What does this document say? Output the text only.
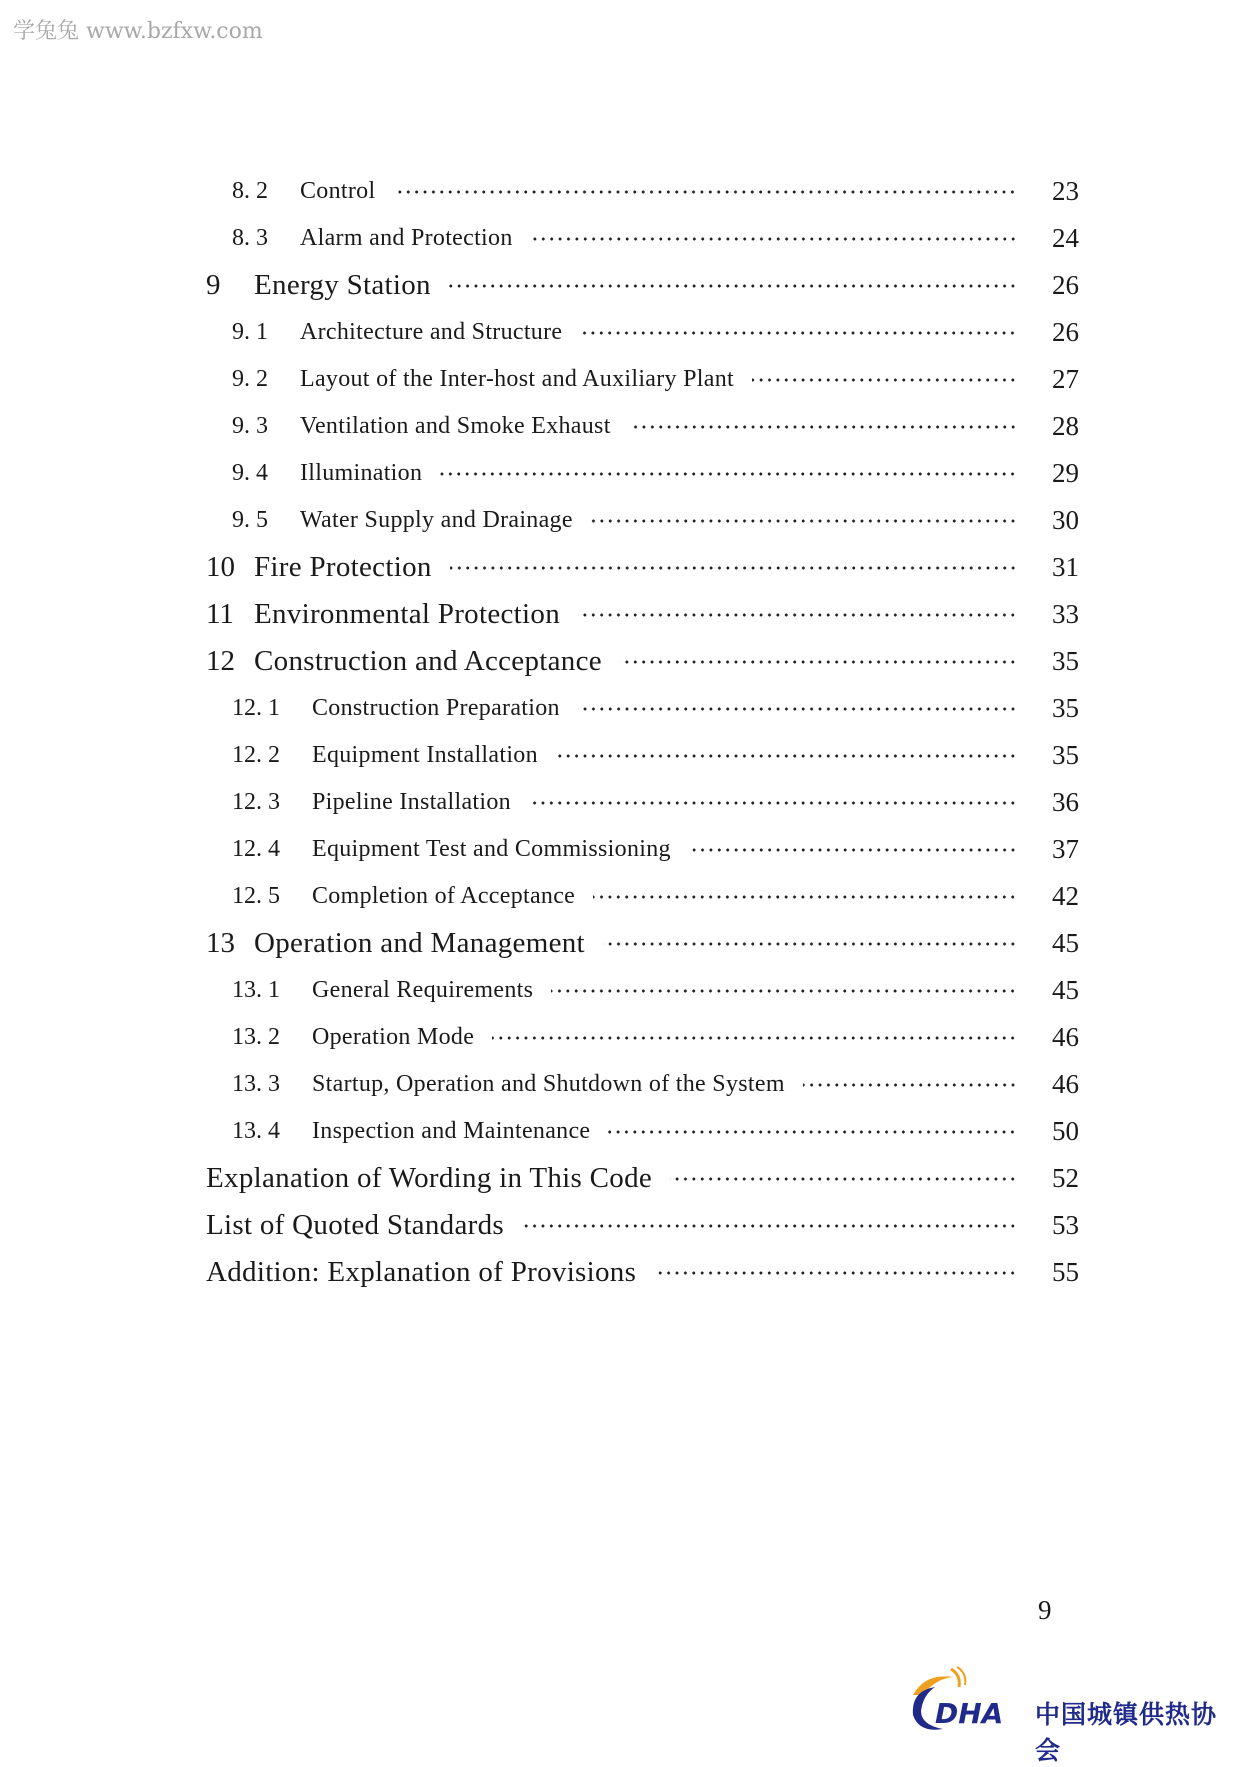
学兔兔 www.bzfxw.com
8. 2	Control	23
8. 3	Alarm and Protection	24
9	Energy Station	26
9. 1	Architecture and Structure	26
9. 2	Layout of the Inter-host and Auxiliary Plant	27
9. 3	Ventilation and Smoke Exhaust	28
9. 4	Illumination	29
9. 5	Water Supply and Drainage	30
10 Fire Protection	31
11 Environmental Protection	33
12 Construction and Acceptance	35
12. 1	Construction Preparation	35
12. 2	Equipment Installation	35
12. 3	Pipeline Installation	36
12. 4	Equipment Test and Commissioning	37
12. 5	Completion of Acceptance	42
13 Operation and Management	45
13. 1	General Requirements	45
13. 2	Operation Mode	46
13. 3	Startup, Operation and Shutdown of the System	46
13. 4	Inspection and Maintenance	50
Explanation of Wording in This Code	52
List of Quoted Standards	53
Addition: Explanation of Provisions	55
9
DHA 中国城镇供热协会
